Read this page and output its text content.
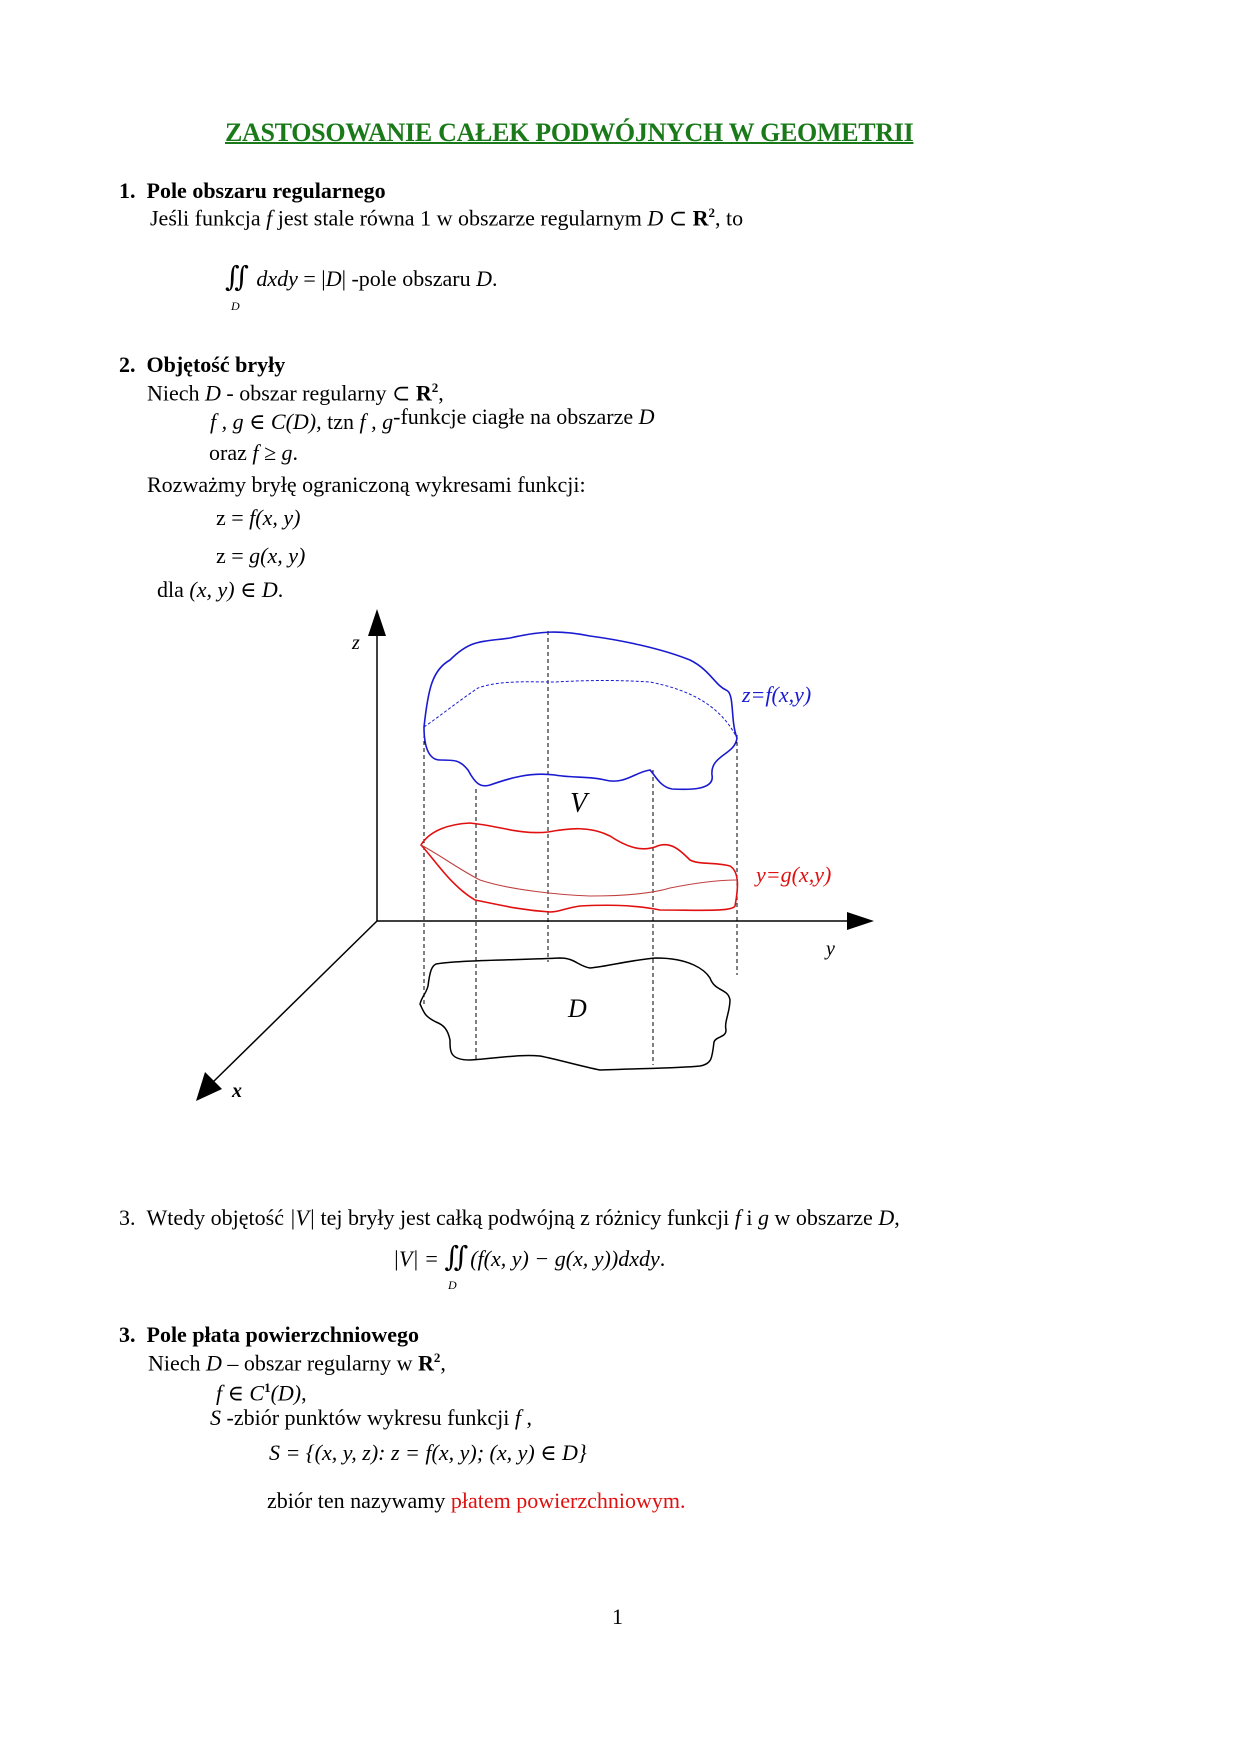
ZASTOSOWANIE CAŁEK PODWÓJNYCH W GEOMETRII
1. Pole obszaru regularnego
Jeśli funkcja f jest stale równa 1 w obszarze regularnym D ⊂ $R^2$, to
∬ dxdy = |D| -pole obszaru D.
D
2. Objętość bryły
Niech D - obszar regularny ⊂ $R^2$,
f , g ∈ C(D), tzn f , g-funkcje ciagłe na obszarze D
oraz f ≥ g.
Rozważmy bryłę ograniczoną wykresami funkcji:
z = f(x, y)
z = g(x, y)
dla (x, y) ∈ D.
z
y
x
z=f(x,y)
y=g(x,y)
V
D
3. Wtedy objętość |V| tej bryły jest całką podwójną z różnicy funkcji f i g w obszarze D,
|V| = ∬ (f(x, y) − g(x, y))dxdy.
D
3. Pole płata powierzchniowego
Niech D – obszar regularny w $R^2$,
f ∈ $C^1(D)$,
S -zbiór punktów wykresu funkcji f ,
S = {(x, y, z): z = f(x, y); (x, y) ∈ D}
zbiór ten nazywamy płatem powierzchniowym.
1
